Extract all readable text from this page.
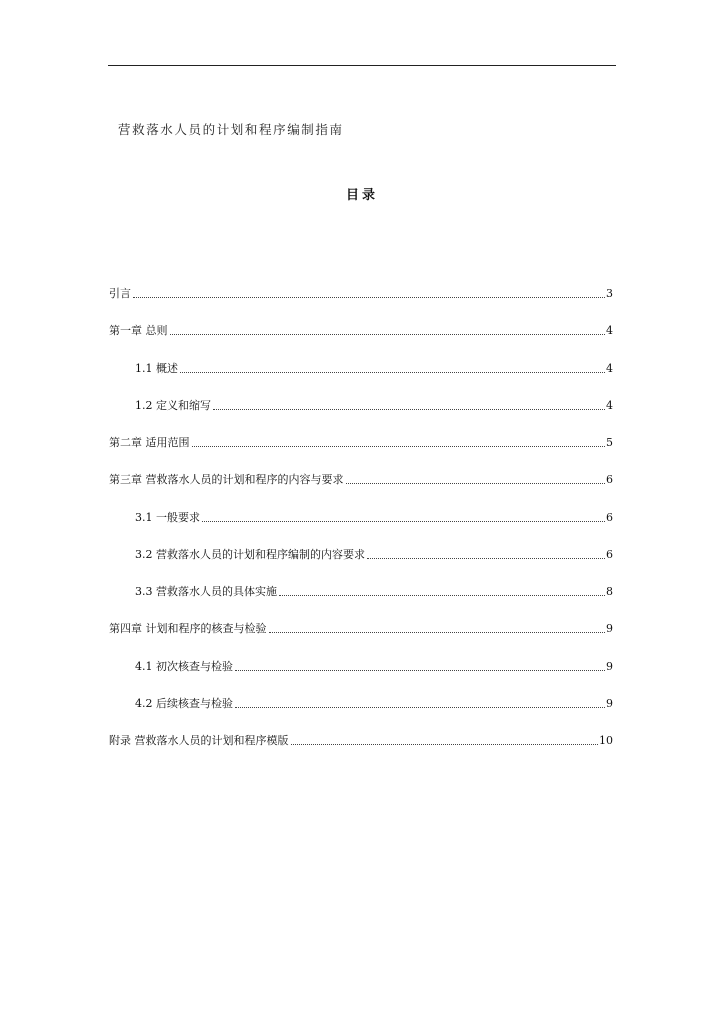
营救落水人员的计划和程序编制指南
目录
引言	3
第一章 总则	4
1.1 概述	4
1.2 定义和缩写	4
第二章 适用范围	5
第三章 营救落水人员的计划和程序的内容与要求	6
3.1 一般要求	6
3.2 营救落水人员的计划和程序编制的内容要求	6
3.3 营救落水人员的具体实施	8
第四章 计划和程序的核查与检验	9
4.1 初次核查与检验	9
4.2 后续核查与检验	9
附录 营救落水人员的计划和程序模版	10
